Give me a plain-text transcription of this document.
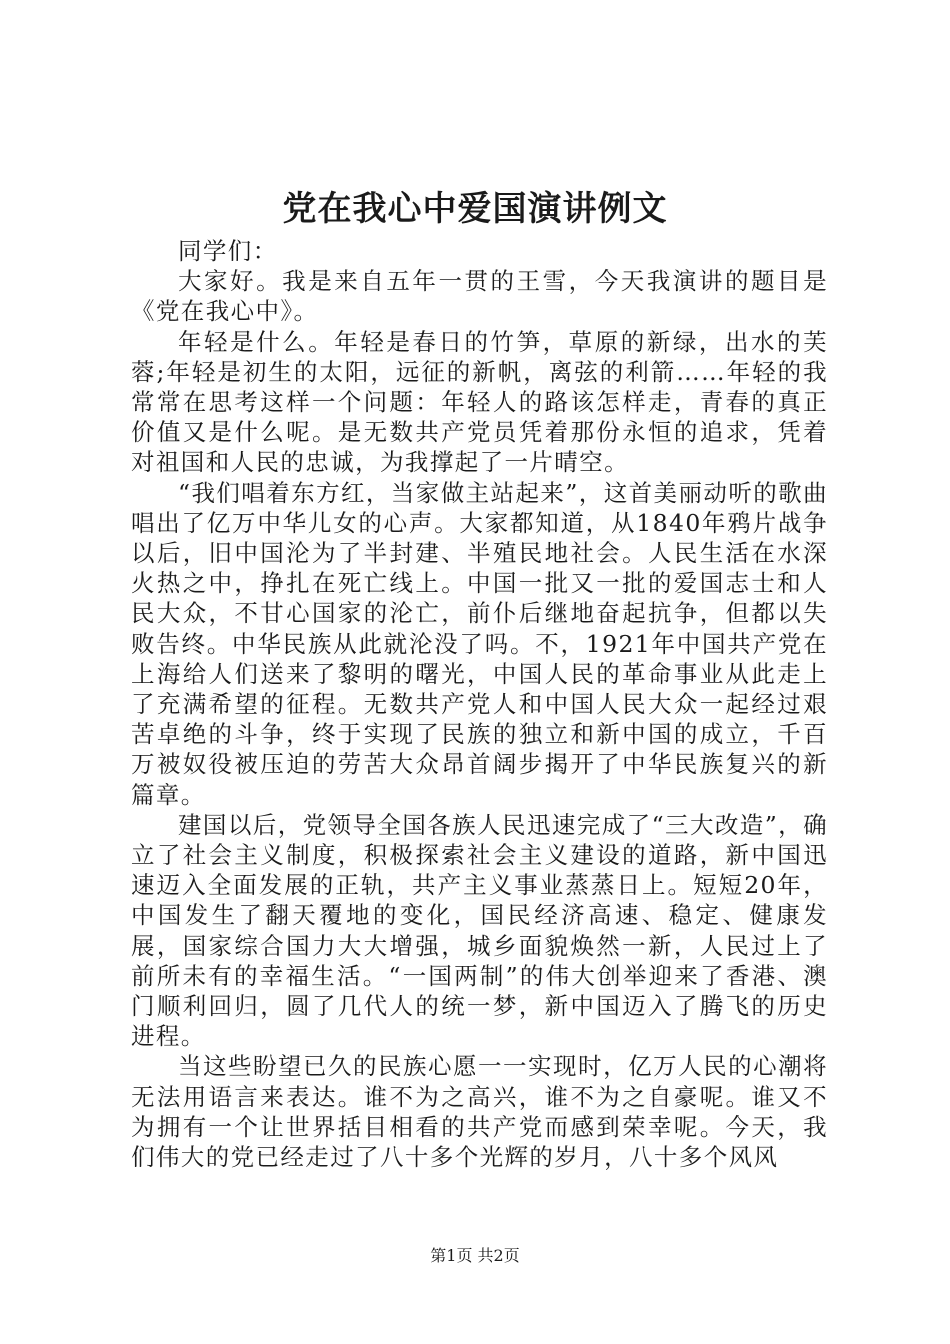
党在我心中爱国演讲例文

同学们：

大家好。我是来自五年一贯的王雪，今天我演讲的题目是《党在我心中》。

年轻是什么。年轻是春日的竹笋，草原的新绿，出水的芙蓉;年轻是初生的太阳，远征的新帆，离弦的利箭……年轻的我常常在思考这样一个问题：年轻人的路该怎样走，青春的真正价值又是什么呢。是无数共产党员凭着那份永恒的追求，凭着对祖国和人民的忠诚，为我撑起了一片晴空。

“我们唱着东方红，当家做主站起来”，这首美丽动听的歌曲唱出了亿万中华儿女的心声。大家都知道，从1840年鸦片战争以后，旧中国沦为了半封建、半殖民地社会。人民生活在水深火热之中，挣扎在死亡线上。中国一批又一批的爱国志士和人民大众，不甘心国家的沦亡，前仆后继地奋起抗争，但都以失败告终。中华民族从此就沦没了吗。不，1921年中国共产党在上海给人们送来了黎明的曙光，中国人民的革命事业从此走上了充满希望的征程。无数共产党人和中国人民大众一起经过艰苦卓绝的斗争，终于实现了民族的独立和新中国的成立，千百万被奴役被压迫的劳苦大众昂首阔步揭开了中华民族复兴的新篇章。

建国以后，党领导全国各族人民迅速完成了“三大改造”，确立了社会主义制度，积极探索社会主义建设的道路，新中国迅速迈入全面发展的正轨，共产主义事业蒸蒸日上。短短20年，中国发生了翻天覆地的变化，国民经济高速、稳定、健康发展，国家综合国力大大增强，城乡面貌焕然一新，人民过上了前所未有的幸福生活。“一国两制”的伟大创举迎来了香港、澳门顺利回归，圆了几代人的统一梦，新中国迈入了腾飞的历史进程。

当这些盼望已久的民族心愿一一实现时，亿万人民的心潮将无法用语言来表达。谁不为之高兴，谁不为之自豪呢。谁又不为拥有一个让世界括目相看的共产党而感到荣幸呢。今天，我们伟大的党已经走过了八十多个光辉的岁月，八十多个风风

第1页 共2页
